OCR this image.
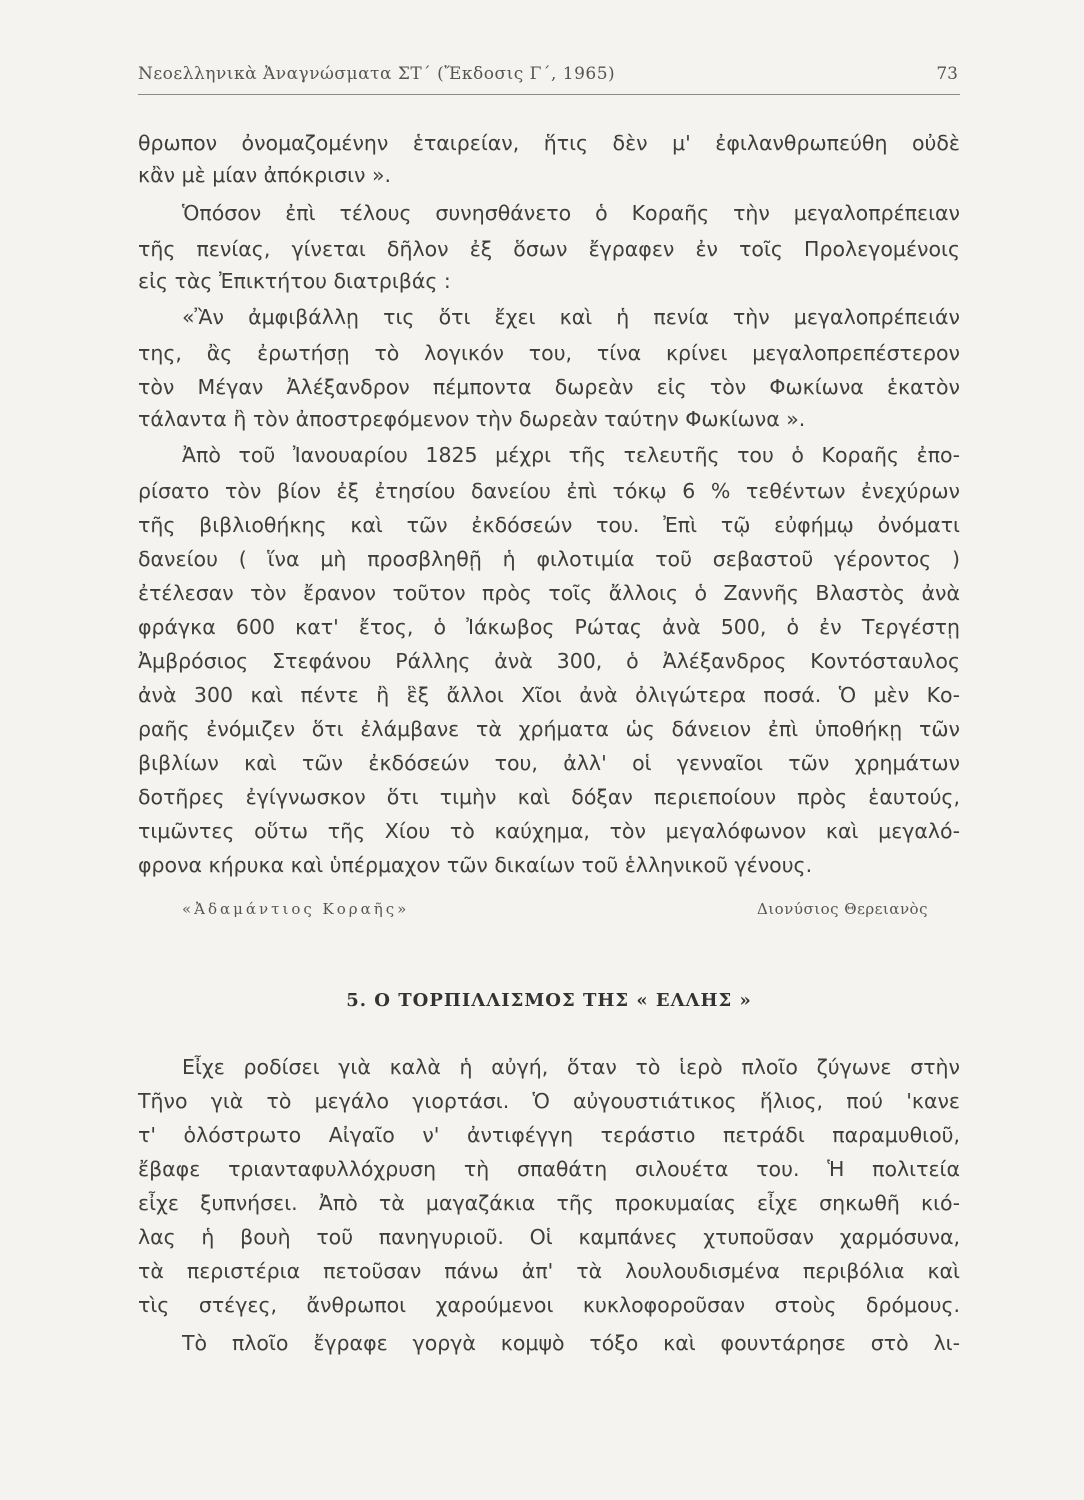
Νεοελληνικὰ Ἀναγνώσματα ΣΤ΄ (Ἔκδοσις Γ΄, 1965)	73
θρωπον ὀνομαζομένην ἑταιρείαν, ἥτις δὲν μ' ἐφιλανθρωπεύθη οὐδὲ
κἂν μὲ μίαν ἀπόκρισιν ».
Ὁπόσον ἐπὶ τέλους συνησθάνετο ὁ Κοραῆς τὴν μεγαλοπρέπειαν
τῆς πενίας, γίνεται δῆλον ἐξ ὅσων ἔγραφεν ἐν τοῖς Προλεγομένοις
εἰς τὰς Ἐπικτήτου διατριβάς :
«Ἂν ἀμφιβάλλῃ τις ὅτι ἔχει καὶ ἡ πενία τὴν μεγαλοπρέπειάν
της, ἂς ἐρωτήσῃ τὸ λογικόν του, τίνα κρίνει μεγαλοπρεπέστερον
τὸν Μέγαν Ἀλέξανδρον πέμποντα δωρεὰν εἰς τὸν Φωκίωνα ἑκατὸν
τάλαντα ἢ τὸν ἀποστρεφόμενον τὴν δωρεὰν ταύτην Φωκίωνα ».
Ἀπὸ τοῦ Ἰανουαρίου 1825 μέχρι τῆς τελευτῆς του ὁ Κοραῆς ἐπο-
ρίσατο τὸν βίον ἐξ ἐτησίου δανείου ἐπὶ τόκῳ 6 % τεθέντων ἐνεχύρων
τῆς βιβλιοθήκης καὶ τῶν ἐκδόσεών του. Ἐπὶ τῷ εὐφήμῳ ὀνόματι
δανείου ( ἵνα μὴ προσβληθῇ ἡ φιλοτιμία τοῦ σεβαστοῦ γέροντος )
ἐτέλεσαν τὸν ἔρανον τοῦτον πρὸς τοῖς ἄλλοις ὁ Ζαννῆς Βλαστὸς ἀνὰ
φράγκα 600 κατ' ἔτος, ὁ Ἰάκωβος Ρώτας ἀνὰ 500, ὁ ἐν Τεργέστῃ
Ἀμβρόσιος Στεφάνου Ράλλης ἀνὰ 300, ὁ Ἀλέξανδρος Κοντόσταυλος
ἀνὰ 300 καὶ πέντε ἢ ἓξ ἄλλοι Χῖοι ἀνὰ ὀλιγώτερα ποσά. Ὁ μὲν Κο-
ραῆς ἐνόμιζεν ὅτι ἐλάμβανε τὰ χρήματα ὡς δάνειον ἐπὶ ὑποθήκῃ τῶν
βιβλίων καὶ τῶν ἐκδόσεών του, ἀλλ' οἱ γενναῖοι τῶν χρημάτων
δοτῆρες ἐγίγνωσκον ὅτι τιμὴν καὶ δόξαν περιεποίουν πρὸς ἑαυτούς,
τιμῶντες οὕτω τῆς Χίου τὸ καύχημα, τὸν μεγαλόφωνον καὶ μεγαλό-
φρονα κήρυκα καὶ ὑπέρμαχον τῶν δικαίων τοῦ ἑλληνικοῦ γένους.
«Ἀδαμάντιος Κοραῆς»	Διονύσιος Θερειανὸς
5. Ο ΤΟΡΠΙΛΛΙΣΜΟΣ ΤΗΣ « ΕΛΛΗΣ »
Εἶχε ροδίσει γιὰ καλὰ ἡ αὐγή, ὅταν τὸ ἱερὸ πλοῖο ζύγωνε στὴν
Τῆνο γιὰ τὸ μεγάλο γιορτάσι. Ὁ αὐγουστιάτικος ἥλιος, πού 'κανε
τ' ὁλόστρωτο Αἰγαῖο ν' ἀντιφέγγη τεράστιο πετράδι παραμυθιοῦ,
ἔβαφε τριανταφυλλόχρυση τὴ σπαθάτη σιλουέτα του. Ἡ πολιτεία
εἶχε ξυπνήσει. Ἀπὸ τὰ μαγαζάκια τῆς προκυμαίας εἶχε σηκωθῆ κιό-
λας ἡ βουὴ τοῦ πανηγυριοῦ. Οἱ καμπάνες χτυποῦσαν χαρμόσυνα,
τὰ περιστέρια πετοῦσαν πάνω ἀπ' τὰ λουλουδισμένα περιβόλια καὶ
τὶς στέγες, ἄνθρωποι χαρούμενοι κυκλοφοροῦσαν στοὺς δρόμους.
Τὸ πλοῖο ἔγραφε γοργὰ κομψὸ τόξο καὶ φουντάρησε στὸ λι-
